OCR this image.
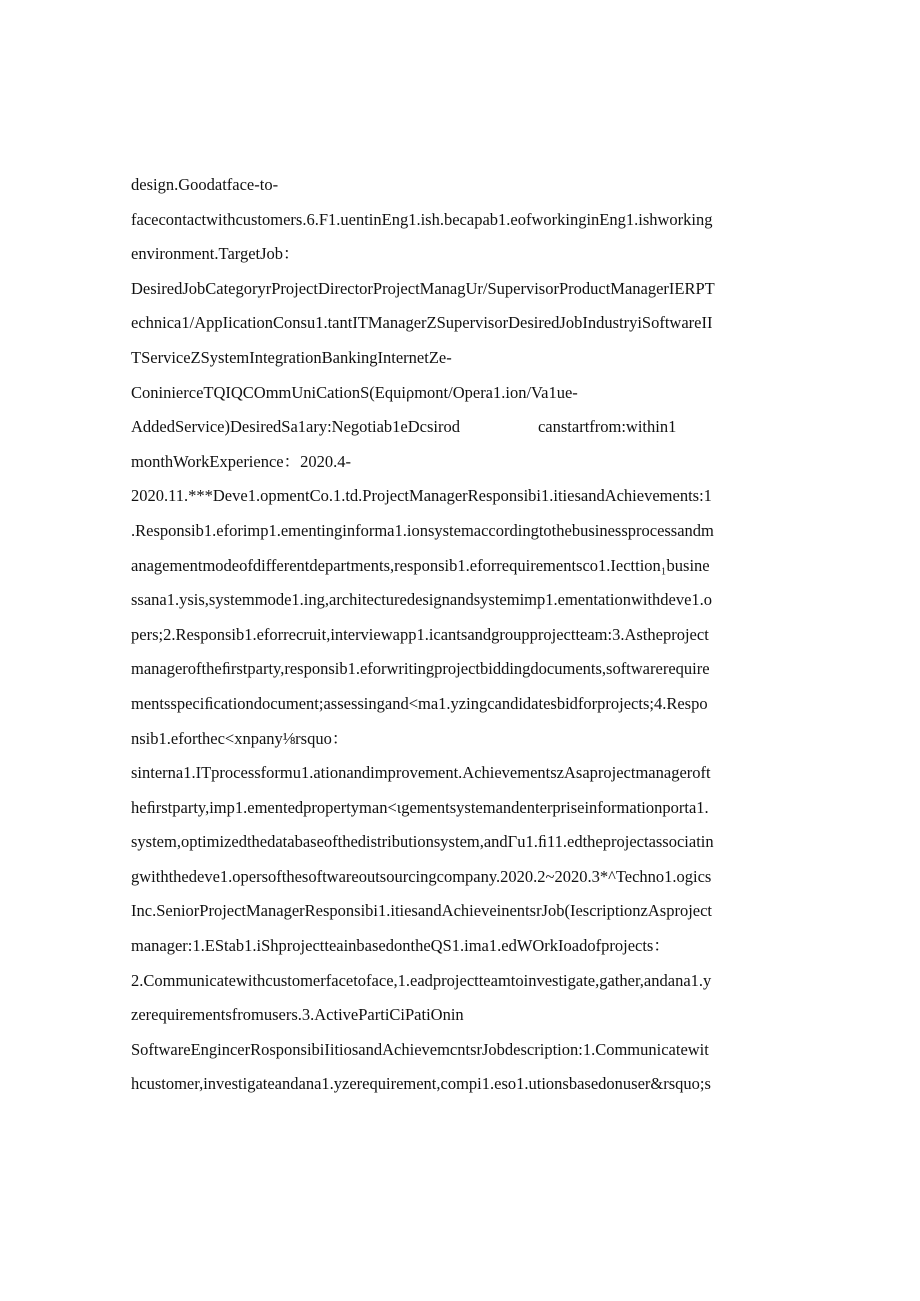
design.Goodatface-to-
facecontactwithcustomers.6.F1.uentinEng1.ish.becapab1.eofworkinginEng1.ishworking
environment.TargetJob：
DesiredJobCategoryrProjectDirectorProjectManagUr/SupervisorProductManagerIERPT
echnica1/AppIicationConsu1.tantITManagerZSupervisorDesiredJobIndustryiSoftwareII
TServiceZSystemIntegrationBankingInternetZe-
ConinierceTQIQCOmmUniCationS(Equiρmont/Opera1.ion/Va1ue-
AddedService)DesiredSa1ary:Negotiab1eDcsirod	canstartfrom:within1
monthWorkExperience：2020.4-
2020.11.***Deve1.opmentCo.1.td.ProjectManagerResponsibi1.itiesandAchievements:1
.Responsib1.eforimp1.ementinginforma1.ionsystemaccordingtothebusinessprocessandm
anagementmodeofdifferentdepartments,responsib1.eforrequirementsco1.Iecttion₁busine
ssana1.ysis,systemmode1.ing,architecturedesignandsystemimp1.ementationwithdeve1.o
pers;2.Responsib1.eforrecruit,interviewapp1.icantsandgroupprojectteam:3.Astheproject
manageroftheﬁrstparty,responsib1.eforwritingprojectbiddingdocuments,softwarerequire
mentsspeciﬁcationdocument;assessingand<ma1.yzingcandidatesbidforprojects;4.Respo
nsib1.eforthec<xnpany⅛rsquo：
sinterna1.ITprocessformu1.ationandimprovement.AchievementszAsaprojectmanageroft
heﬁrstparty,imp1.ementedpropertyman<ιgementsystemandenterpriseinformationporta1.
system,optimizedthedatabaseofthedistributionsystem,andΓu1.ﬁ11.edtheprojectassociatin
gwiththedeve1.opersofthesoftwareoutsourcingcompany.2020.2~2020.3*^Techno1.ogics
Inc.SeniorProjectManagerResponsibi1.itiesandAchieveinentsrJob(IescriptionzAsproject
manager:1.EStab1.iShprojectteainbasedontheQS1.ima1.edWOrkIoadofprojects：
2.Communicatewithcustomerfacetoface,1.eadprojectteamtoinvestigate,gather,andana1.y
zerequirementsfromusers.3.ActivePartiCiPatiOnin
SoftwareEngincerRosponsibiIitiosandAchievemcntsrJobdescription:1.Communicatewit
hcustomer,investigateandana1.yzerequirement,compi1.eso1.utionsbasedonuser&rsquo;s
